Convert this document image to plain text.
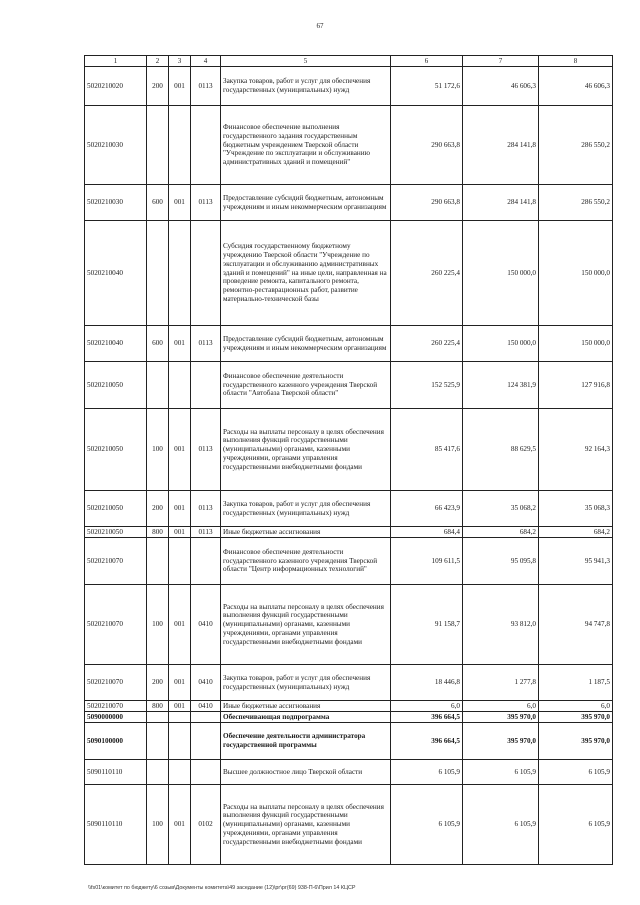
67
1	2	3	4	5	6	7	8
5020210020	200	001	0113	Закупка товаров, работ и услуг для обеспечения государственных (муниципальных) нужд	51 172,6	46 606,3	46 606,3
5020210030				Финансовое обеспечение выполнения государственного задания государственным бюджетным учреждением Тверской области "Учреждение по эксплуатации и обслуживанию административных зданий и помещений"	290 663,8	284 141,8	286 550,2
5020210030	600	001	0113	Предоставление субсидий бюджетным, автономным учреждениям и иным некоммерческим организациям	290 663,8	284 141,8	286 550,2
5020210040				Субсидия государственному бюджетному учреждению Тверской области "Учреждение по эксплуатации и обслуживанию административных зданий и помещений" на иные цели, направленная на проведение ремонта, капитального ремонта, ремонтно-реставрационных работ, развитие материально-технической базы	260 225,4	150 000,0	150 000,0
5020210040	600	001	0113	Предоставление субсидий бюджетным, автономным учреждениям и иным некоммерческим организациям	260 225,4	150 000,0	150 000,0
5020210050				Финансовое обеспечение деятельности государственного казенного учреждения Тверской области "Автобаза Тверской области"	152 525,9	124 381,9	127 916,8
5020210050	100	001	0113	Расходы на выплаты персоналу в целях обеспечения выполнения функций государственными (муниципальными) органами, казенными учреждениями, органами управления государственными внебюджетными фондами	85 417,6	88 629,5	92 164,3
5020210050	200	001	0113	Закупка товаров, работ и услуг для обеспечения государственных (муниципальных) нужд	66 423,9	35 068,2	35 068,3
5020210050	800	001	0113	Иные бюджетные ассигнования	684,4	684,2	684,2
5020210070				Финансовое обеспечение деятельности государственного казенного учреждения Тверской области "Центр информационных технологий"	109 611,5	95 095,8	95 941,3
5020210070	100	001	0410	Расходы на выплаты персоналу в целях обеспечения выполнения функций государственными (муниципальными) органами, казенными учреждениями, органами управления государственными внебюджетными фондами	91 158,7	93 812,0	94 747,8
5020210070	200	001	0410	Закупка товаров, работ и услуг для обеспечения государственных (муниципальных) нужд	18 446,8	1 277,8	1 187,5
5020210070	800	001	0410	Иные бюджетные ассигнования	6,0	6,0	6,0
5090000000				Обеспечивающая подпрограмма	396 664,5	395 970,0	395 970,0
5090100000				Обеспечение деятельности администратора государственной программы	396 664,5	395 970,0	395 970,0
5090110110				Высшее должностное лицо Тверской области	6 105,9	6 105,9	6 105,9
5090110110	100	001	0102	Расходы на выплаты персоналу в целях обеспечения выполнения функций государственными (муниципальными) органами, казенными учреждениями, органами управления государственными внебюджетными фондами	6 105,9	6 105,9	6 105,9
\\fs01\комитет по бюджету\6 созыв\Документы комитета\49 заседание (12)\рг\рг(69) 938-П-6\Прил 14 КЦСР
